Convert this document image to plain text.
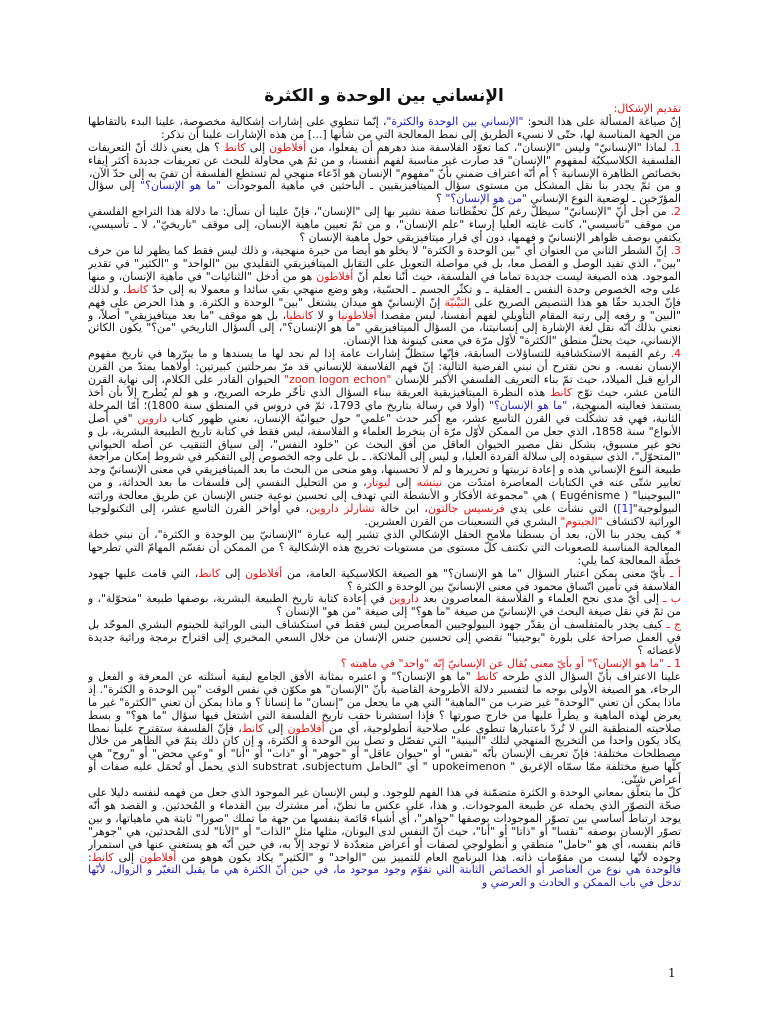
الإنساني بين الوحدة و الكثرة

تقديم الإشكال:

إنّ صياغة المسألة على هذا النحو: "الإنساني بين الوحدة والكثرة"، إنّما تنطوي على إشارات إشكالية مخصوصة، علينا البدء بالتقاطها من الجهة المناسبة لها، حتّى لا نسيء الطريق إلى نمط المعالجة التي من شأنها [...] من هذه الإشارات علينا أن نذكر:

1. لماذا "الإنسانيّ" وليس "الإنسان"، كما تعوّد الفلاسفة منذ دهرهم أن يفعلوا، من أفلاطون إلى كانط ؟ هل يعني ذلك أنّ التعريفات الفلسفية الكلاسيكيّة لمفهوم "الإنسان" قد صارت غير مناسبة لفهم أنفسنا، و من ثمّ هي محاولة للبحث عن تعريفات جديدة أكثر إيفاء بخصائص الظاهرة الإنسانية ؟ أم أنّه اعتراف ضمني بأنّ "مفهوم" الإنسان هو ادّعاء منهجي لم تستطع الفلسفة أن تفيَ به إلى حدّ الآن،

و من ثمّ يجدر بنا نقل المشكل من مستوى سؤال الميتافيزيقيين ـ الباحثين في ماهية الموجودات "ما هو الإنسان؟" إلى سؤال المؤرّخين ـ لوضعية النوع الإنساني "من هو الإنسان؟" ؟

2. من أجل أنّ "الإنسانيّ" سيظلّ رغم كلّ تحفّظاتنا صفة نشير بها إلى "الإنسان"، فإنّ علينا أن نسأل: ما دلالة هذا التراجع الفلسفي من موقف "تأسيسي"، كانت غايته العليا إرساء "علم الإنسان"، و من ثمّ تعيين ماهية الإنسان، إلى موقف "تاريخيّ"، لا ـ تأسيسي، يكتفي بوصف ظواهر الإنسانيّ و فهمها، دون أي قرار ميتافيزيقي حول ماهية الإنسان ؟

3. إنّ الشطر الثاني من العنوان أي "بين الوحدة و الكثرة" لا يخلو هو أيضا من حيرة منهجية، و ذلك ليس فقط كما يظهر لنا من حرف "بين"، الذي تفيد الوصل و الفصل معا، بل في مواصلة التعويل على التقابل الميتافيزيقي التقليدي بين "الواحد" و "الكثير" في تقدير الموجود. هذه الصيغة ليست جديدة تماما في الفلسفة، حيث أنّنا نعلم أنّ أفلاطون هو من أدخل "الثنائيات" في ماهية الإنسان، و منها على وجه الخصوص وحدة النفس ـ العقلية ـ و تكثّر الجسم ـ الحسّية، وهو وضع منهجي بقي سائدا و معمولا به إلى حدّ كانط. و لذلك فإنّ الجديد حقّا هو هذا التنصيص الصريح على البَيْنيّة إنّ الإنسانيّ هو ميدان يشتغل "بين" الوحدة و الكثرة. و هذا الحرص على فهم "البين" و رفعه إلى رتبة المقام التأويلي لفهم أنفسنا، ليس مقصدا أفلاطونيا و لا كانطيا، بل هو موقف "ما بعد ميتافيزيقي" أصلاً، و نعني بذلك أنّه نقل لغة الإشارة إلى إنسانيتنا، من السؤال الميتافيزيقي "ما هو الإنسان؟"، إلى السؤال التاريخي "من؟" يكون الكائن الإنساني، حيث يحتلّ منطق "الكثرة" لأوّل مرّة في معنى كينونة هذا الإنسان.

4. رغم القيمة الاستكشافية للتساؤلات السابقة، فإنّها ستظلّ إشارات عامة إذا لم نجد لها ما يسندها و ما يبرّرها في تاريخ مفهوم الإنسان نفسه. و نحن نقترح أن نبني الفرضية التالية: إنّ فهم الفلاسفة للإنساني قد مرّ بمرحلتين كبيرتين: أولاهما يمتدّ من القرن الرابع قبل الميلاد، حيث تمّ بناء التعريف الفلسفي الأكبر للإنسان "zoon logon echon" الحيوان القادر على الكلام، إلى نهاية القرن الثامن عشر، حيث توّج كانط هذه النظرة الميتافيزيقية العريقة ببناء السؤال الذي تأخّر طرحه الصريح، و هو لم يُطرح إلاّ بأن أخذ يستنفذ فعاليته المنهجية، "ما هو الإنسان؟" (أولا في رسالة بتاريخ ماي 1793، ثمّ في دروس في المنطق سنة 1800)؛ أمّا المرحلة الثانية، فهي قد تشكّلت في القرن التاسع عشر، مع أكبر حدث "علمي" حول حيوانيّة الإنسان، نعني ظهور كتاب داروين "في أصل الأنواع" سنة 1858، الذي جعل من الممكن لأوّل مرّة أن ينخرط العلماء و الفلاسفة، ليس فقط في كتابة تاريخ الطبيعة البشرية، بل و نحو غير مسبوق، بشكل نقل مصير الحيوان العاقل من أفق البحث عن "خلود النفس"، إلى سياق التنقيب عن أصله الحيواني "المتحوّل"، الذي سيقوده إلى سلالة القردة العليا، و ليس إلى الملائكة. ـ بل على وجه الخصوص إلى التفكير في شروط إمكان مراجعة طبيعة النوع الإنساني هذه و إعادة تربيتها و تحريرها و لم لا تحسينها، وهو منحى من البحث ما بعد الميتافيزيقي في معنى الإنسانيّ وجد تعابير شتّى عنه في الكتابات المعاصرة امتدّت من نيتشه إلى ليوتار، و من التحليل النفسي إلى فلسفات ما بعد الحداثة، و من "البيوجينيا" ( Eugénisme ) هي "مجموعة الأفكار و الأنشطة التي تهدف إلى تحسين نوعية جنس الإنسان عن طريق معالجة وراثته البيولوجية"[1]) التي نشأت على يدي فرنسيس جالتون، ابن خالة تشارلز داروين، في أواخر القرن التاسع عشر، إلى التكنولوجيا الوراثية لاكتشاف "الجينوم" البشري في التسعينات من القرن العشرين.

* كيف يجدر بنا الآن، بعد أن بسطنا ملامح الحقل الإشكالي الذي تشير إليه عبارة "الإنسانيّ بين الوحدة و الكثرة"، أن نبني خطة المعالجة المناسبة للصعوبات التي تكتنف كلّ مستوى من مستويات تخريج هذه الإشكالية ؟ من الممكن أن نقسّم المهامّ التي تطرحها خطّة المعالجة كما يلي:

أ ـ بأيّ معنى يمكن اعتبار السؤال "ما هو الإنسان؟" هو الصيغة الكلاسيكية العامة، من أفلاطون إلى كانط، التي قامت عليها جهود الفلاسفة في تأمين اتّساق محمود في معنى الإنسانيّ بين الوحدة و الكثرة ؟

ب ـ إلى أيّ مدى نجح العلماء و الفلاسفة المعاصرون بعد داروين في إعادة كتابة تاريخ الطبيعة البشرية، بوصفها طبيعة "متحوّلة"، و من ثمّ في نقل صيغة البحث في الإنسانيّ من صيغة "ما هو؟" إلى صيغة "من هو" الإنسان ؟

ج ـ كيف يجدر بالمتفلسف أن يقدّر جهود البيولوجيين المعاصرين ليس فقط في استكشاف البنى الوراثية للجينوم البشري الموحّد بل في العمل صراحة على بلورة "يوجينيا" تقضي إلى تحسين جنس الإنسان من خلال السعي المخبري إلى اقتراح برمجة وراثية جديدة لأعضائه ؟

1 ـ "ما هو الإنسان؟" أو بأيّ معنى يُقال عن الإنسانيّ إنّه "واحد" في ماهيته ؟

علينا الاعتراف بأنّ السؤال الذي طرحه كانط "ما هو الإنسان؟" و اعتبره بمثابة الأفق الجامع لبقية أسئلته عن المعرفة و الفعل و الرجاء، هو الصيغة الأولى بوجه ما لتفسير دلالة الأطروحة القاضية بأنّ "الإنسان" هو مكوّن في نفس الوقت "بين الوحدة و الكثرة". إذ ماذا يمكن أن تعني "الوحدة" غير ضرب من "الماهية" التي هي ما يجعل من "إنسان" ما إنسانا ؟ و ماذا يمكن أن تعني "الكثرة" غير ما يعرض لهذه الماهية و يطرأ عليها من خارج صورتها ؟ فإذا استشرنا حقب تاريخ الفلسفة التي اشتغل فيها سؤال "ما هو؟" و بسط صلاحيته المنطقية التي لا تُردّ باعتبارها تنطوي على صلاحية أنطولوجية، أي من أفلاطون إلى كانط، فإنّ الفلسفة ستقترح علينا نمطا يكاد يكون واحدا من التخريج المنهجي لتلك "البينية" التي تفصّل و تصل بين الوحدة و الكثرة، و إن كان ذلك يتمّ في الظاهر من خلال مصطلحات مختلفة: فإنّ تعريف الإنسان بأنّه "نفس" أو "حيوان عاقل" أو "جوهر" أو "ذات" أو "أنا" أو "وعي محض" أو "روح" هي كلّها صيغ مختلفة ممّا سمّاه الإغريق " upokeimenon " أي "الحامل substrat ،subjectum الذي يحمل أو تُحمَل عليه صفات أو أعراض شتّى.

كلّ ما يتعلّق بمعاني الوحدة و الكثرة متضمّنة في هذا الفهم للوجود. و ليس الإنسان غير الموجود الذي جعل من فهمه لنفسه دليلا على صحّة التصوّر الذي يحمله عن طبيعة الموجودات. و هذا، على عكس ما نظنّ، أمر مشترك بين القدماء و المُحدثين. و القصد هو أنّه يوجد ارتباط أساسي بين تصوّر الموجودات بوصفها "جواهر"، أي أشياء قائمة بنفسها من جهة ما تملك "صورا" ثابتة هي ماهياتها، و بين تصوّر الإنسان بوصفه "نفسا" أو "ذاتا" أو "أنا"، حيث أنّ النفس لدى اليونان، مثلها مثل "الذات" أو "الأنا" لدى المُحدثين، هي "جوهر" قائم بنفسه، أي هو "حامل" منطقي و أنطولوجي لصفات أو أعراض متعدّدة لا توجد إلاّ به، في حين أنّه هو يستغني عنها في استمرار وجوده لأنّها ليست من مقوّمات ذاته. هذا البرنامج العام للتمييز بين "الواحد" و "الكثير" يكاد يكون هوهو من أفلاطون إلى كانط: فالوحدة هي نوع من العناصر أو الخصائص الثابتة التي تقوّم وجود موجود ما، في حين أنّ الكثرة هي ما يقبل التغيّر و الزوال، لأنّها تدخل في باب الممكن و الحادث و العرضي و

1
